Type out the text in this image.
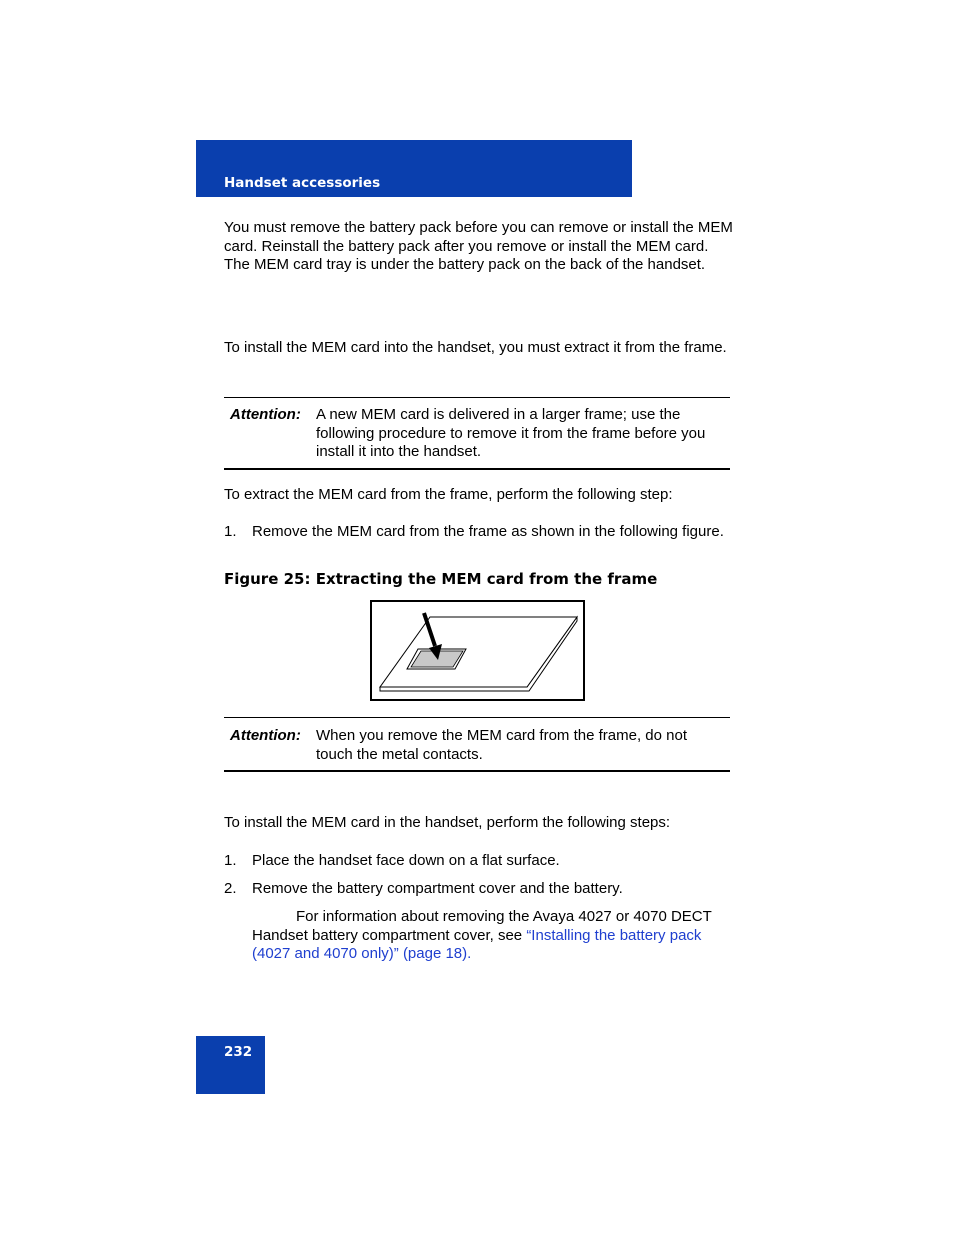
Handset accessories

You must remove the battery pack before you can remove or install the MEM card. Reinstall the battery pack after you remove or install the MEM card. The MEM card tray is under the battery pack on the back of the handset.

To install the MEM card into the handset, you must extract it from the frame.

Attention: A new MEM card is delivered in a larger frame; use the following procedure to remove it from the frame before you install it into the handset.

To extract the MEM card from the frame, perform the following step:

1. Remove the MEM card from the frame as shown in the following figure.
Figure 25: Extracting the MEM card from the frame
Attention: When you remove the MEM card from the frame, do not touch the metal contacts.

To install the MEM card in the handset, perform the following steps:

1. Place the handset face down on a flat surface.
2. Remove the battery compartment cover and the battery.
For information about removing the Avaya 4027 or 4070 DECT Handset battery compartment cover, see “Installing the battery pack (4027 and 4070 only)” (page 18).
232
